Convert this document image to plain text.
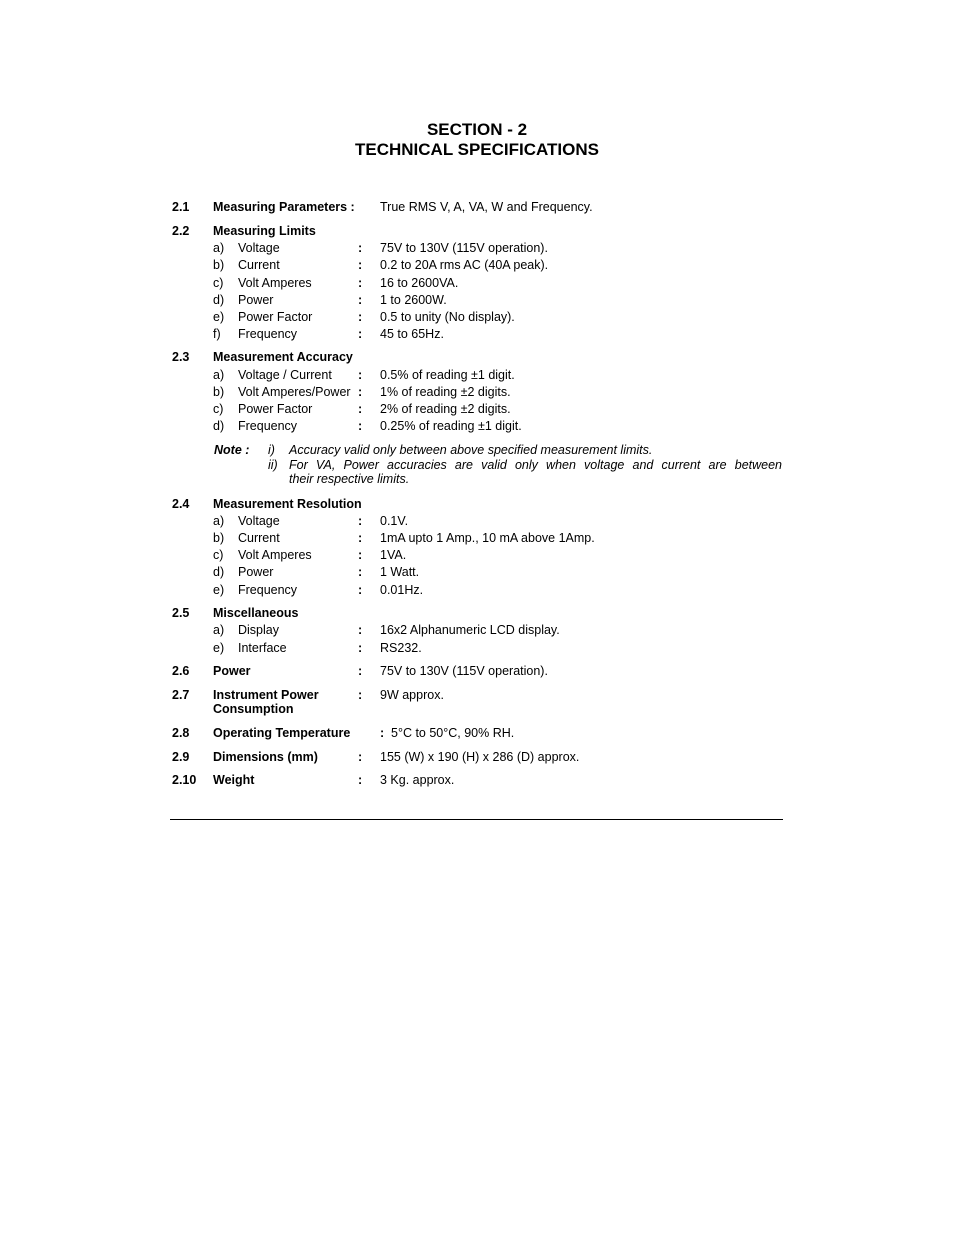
SECTION - 2
TECHNICAL SPECIFICATIONS
2.1 Measuring Parameters : True RMS V, A, VA, W and Frequency.
2.2 Measuring Limits
a) Voltage	: 75V to 130V (115V operation).
b) Current	: 0.2 to 20A rms AC (40A peak).
c) Volt Amperes	: 16 to 2600VA.
d) Power	: 1 to 2600W.
e) Power Factor	: 0.5 to unity (No display).
f) Frequency	: 45 to 65Hz.
2.3 Measurement Accuracy
a) Voltage / Current : 0.5% of reading ±1 digit.
b) Volt Amperes/Power : 1% of reading ±2 digits.
c) Power Factor	: 2% of reading ±2 digits.
d) Frequency	: 0.25% of reading ±1 digit.
Note : i) Accuracy valid only between above specified measurement limits.
ii) For VA, Power accuracies are valid only when voltage and current are between
their respective limits.
2.4 Measurement Resolution
a) Voltage	: 0.1V.
b) Current	: 1mA upto 1 Amp., 10 mA above 1Amp.
c) Volt Amperes	: 1VA.
d) Power	: 1 Watt.
e) Frequency	: 0.01Hz.
2.5 Miscellaneous
a) Display	: 16x2 Alphanumeric LCD display.
e) Interface	: RS232.
2.6 Power	: 75V to 130V (115V operation).
2.7 Instrument Power	: 9W approx.
Consumption
2.8 Operating Temperature : 5°C to 50°C, 90% RH.
2.9 Dimensions (mm)	: 155 (W) x 190 (H) x 286 (D) approx.
2.10 Weight	: 3 Kg. approx.
